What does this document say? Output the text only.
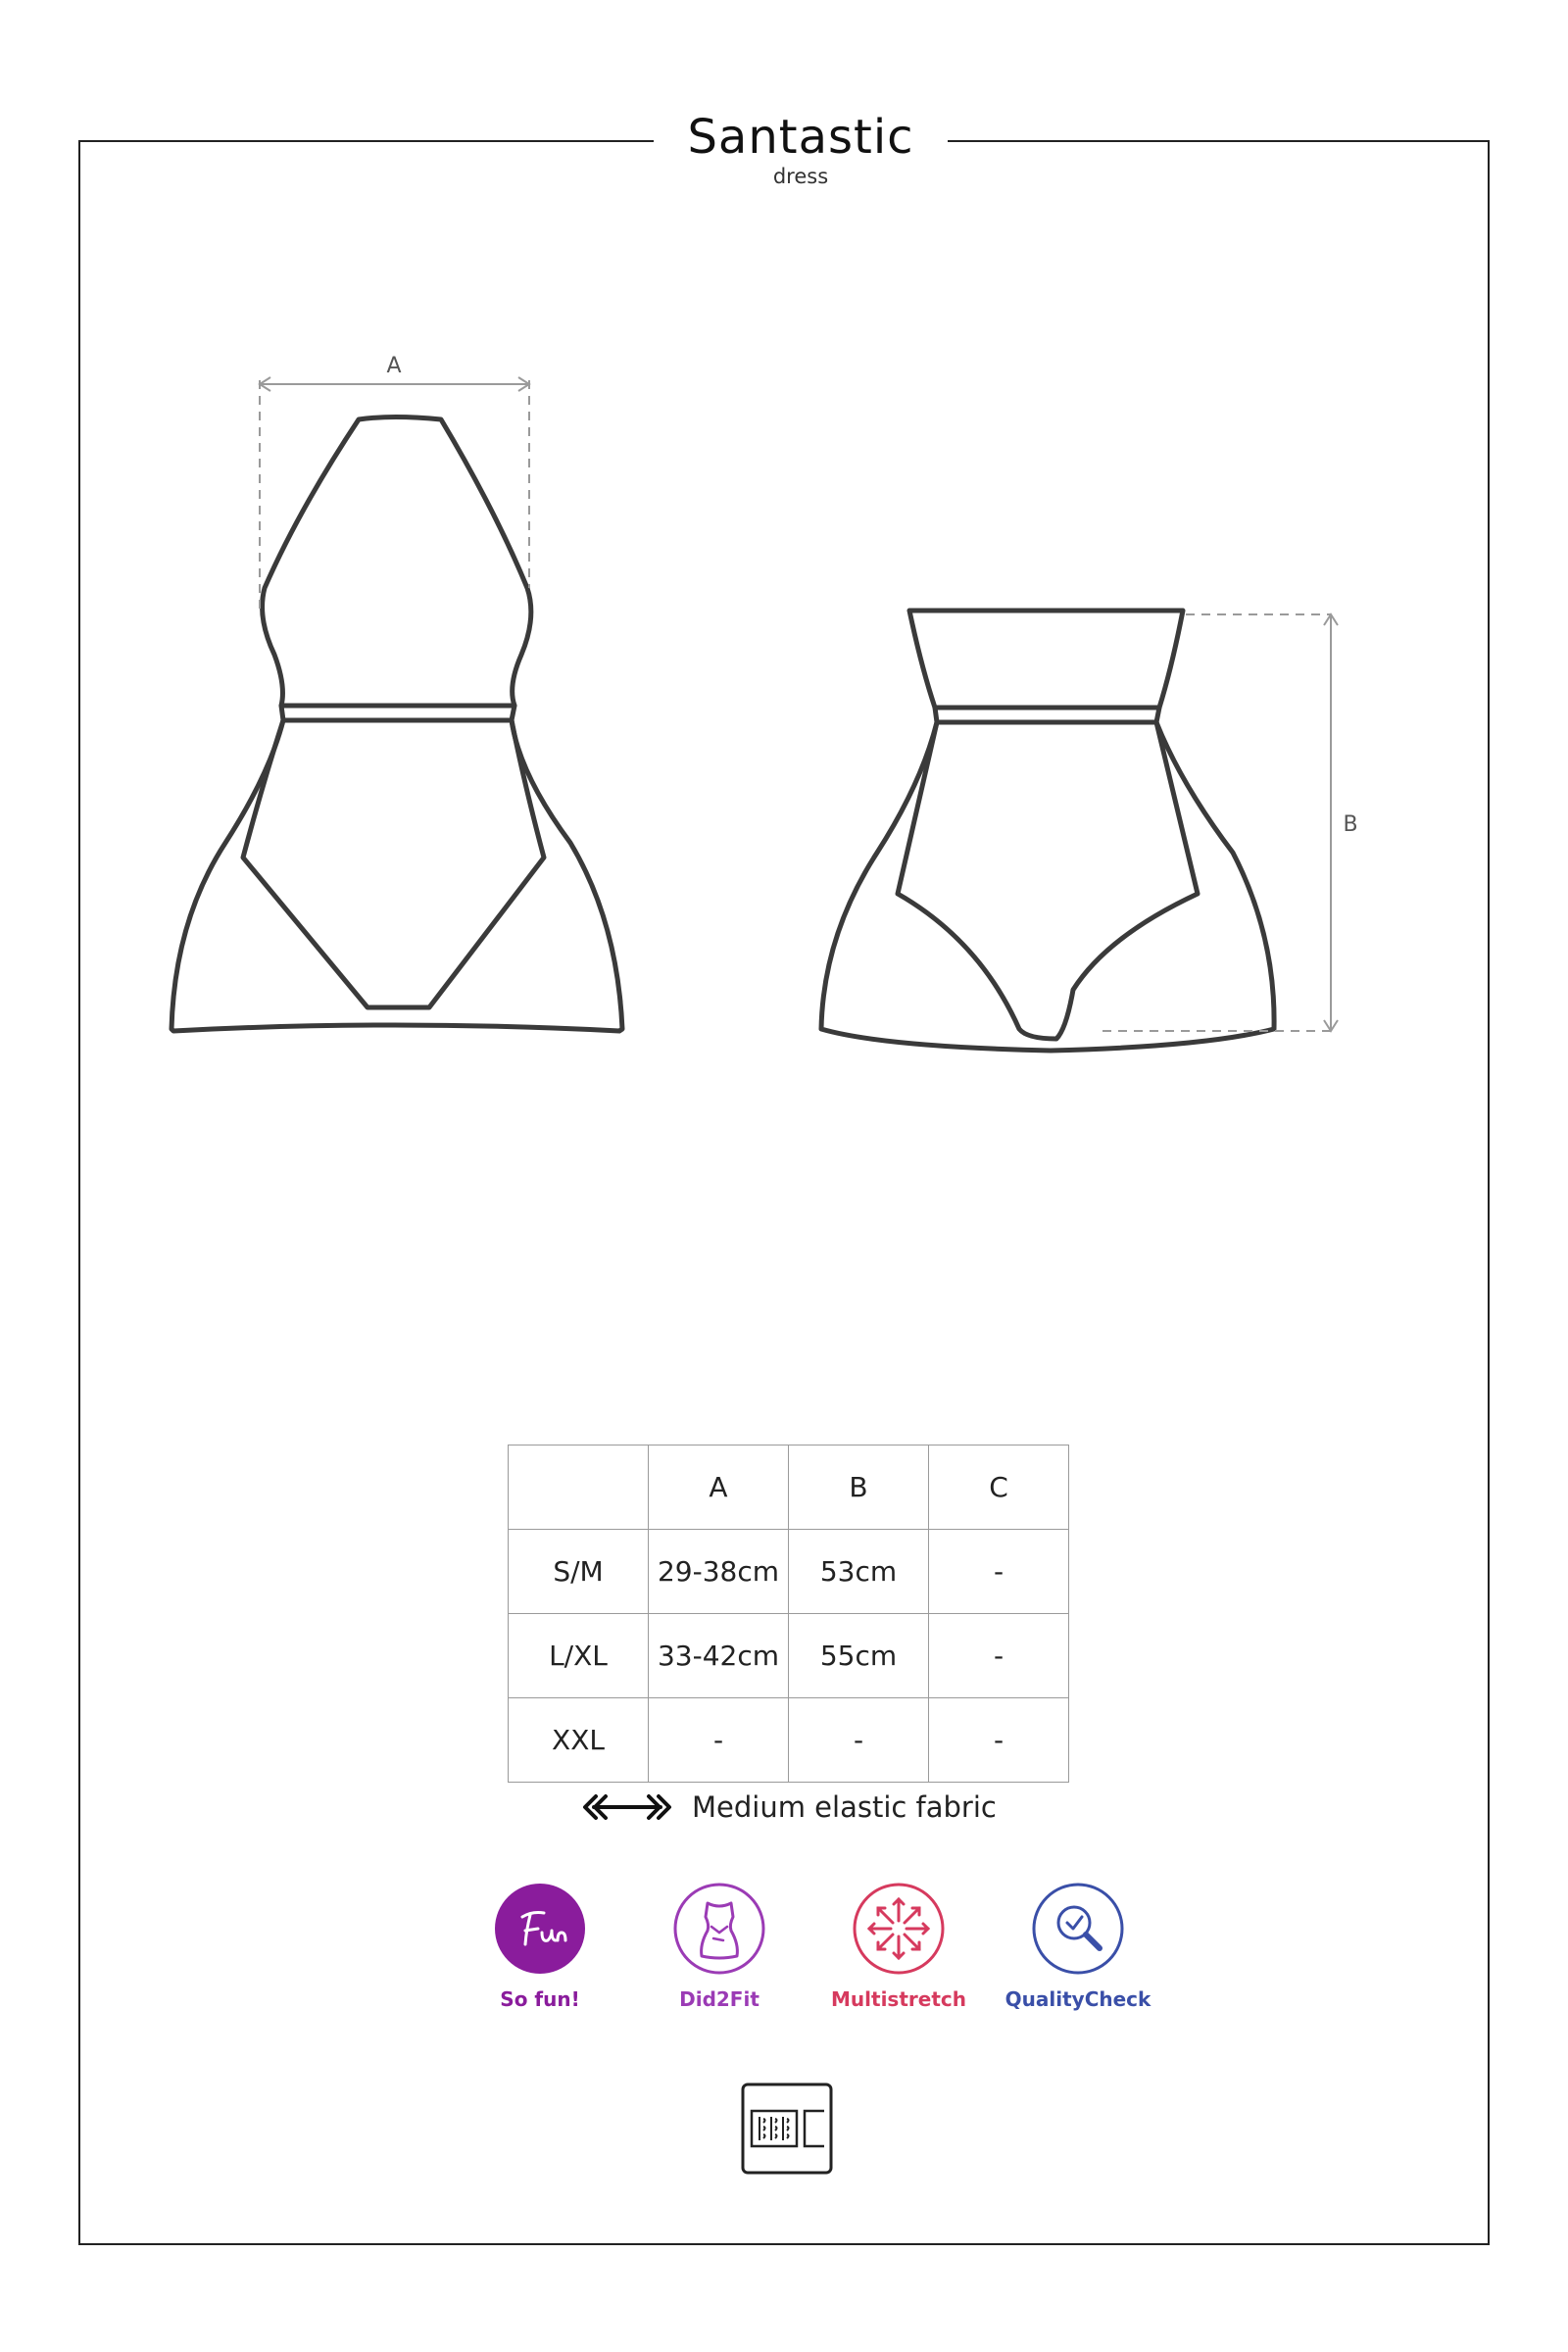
Santastic
dress
A
B
	A	B	C
S/M	29-38cm	53cm	-
L/XL	33-42cm	55cm	-
XXL	-	-	-
Medium elastic fabric
So fun!	Did2Fit	Multistretch	QualityCheck
